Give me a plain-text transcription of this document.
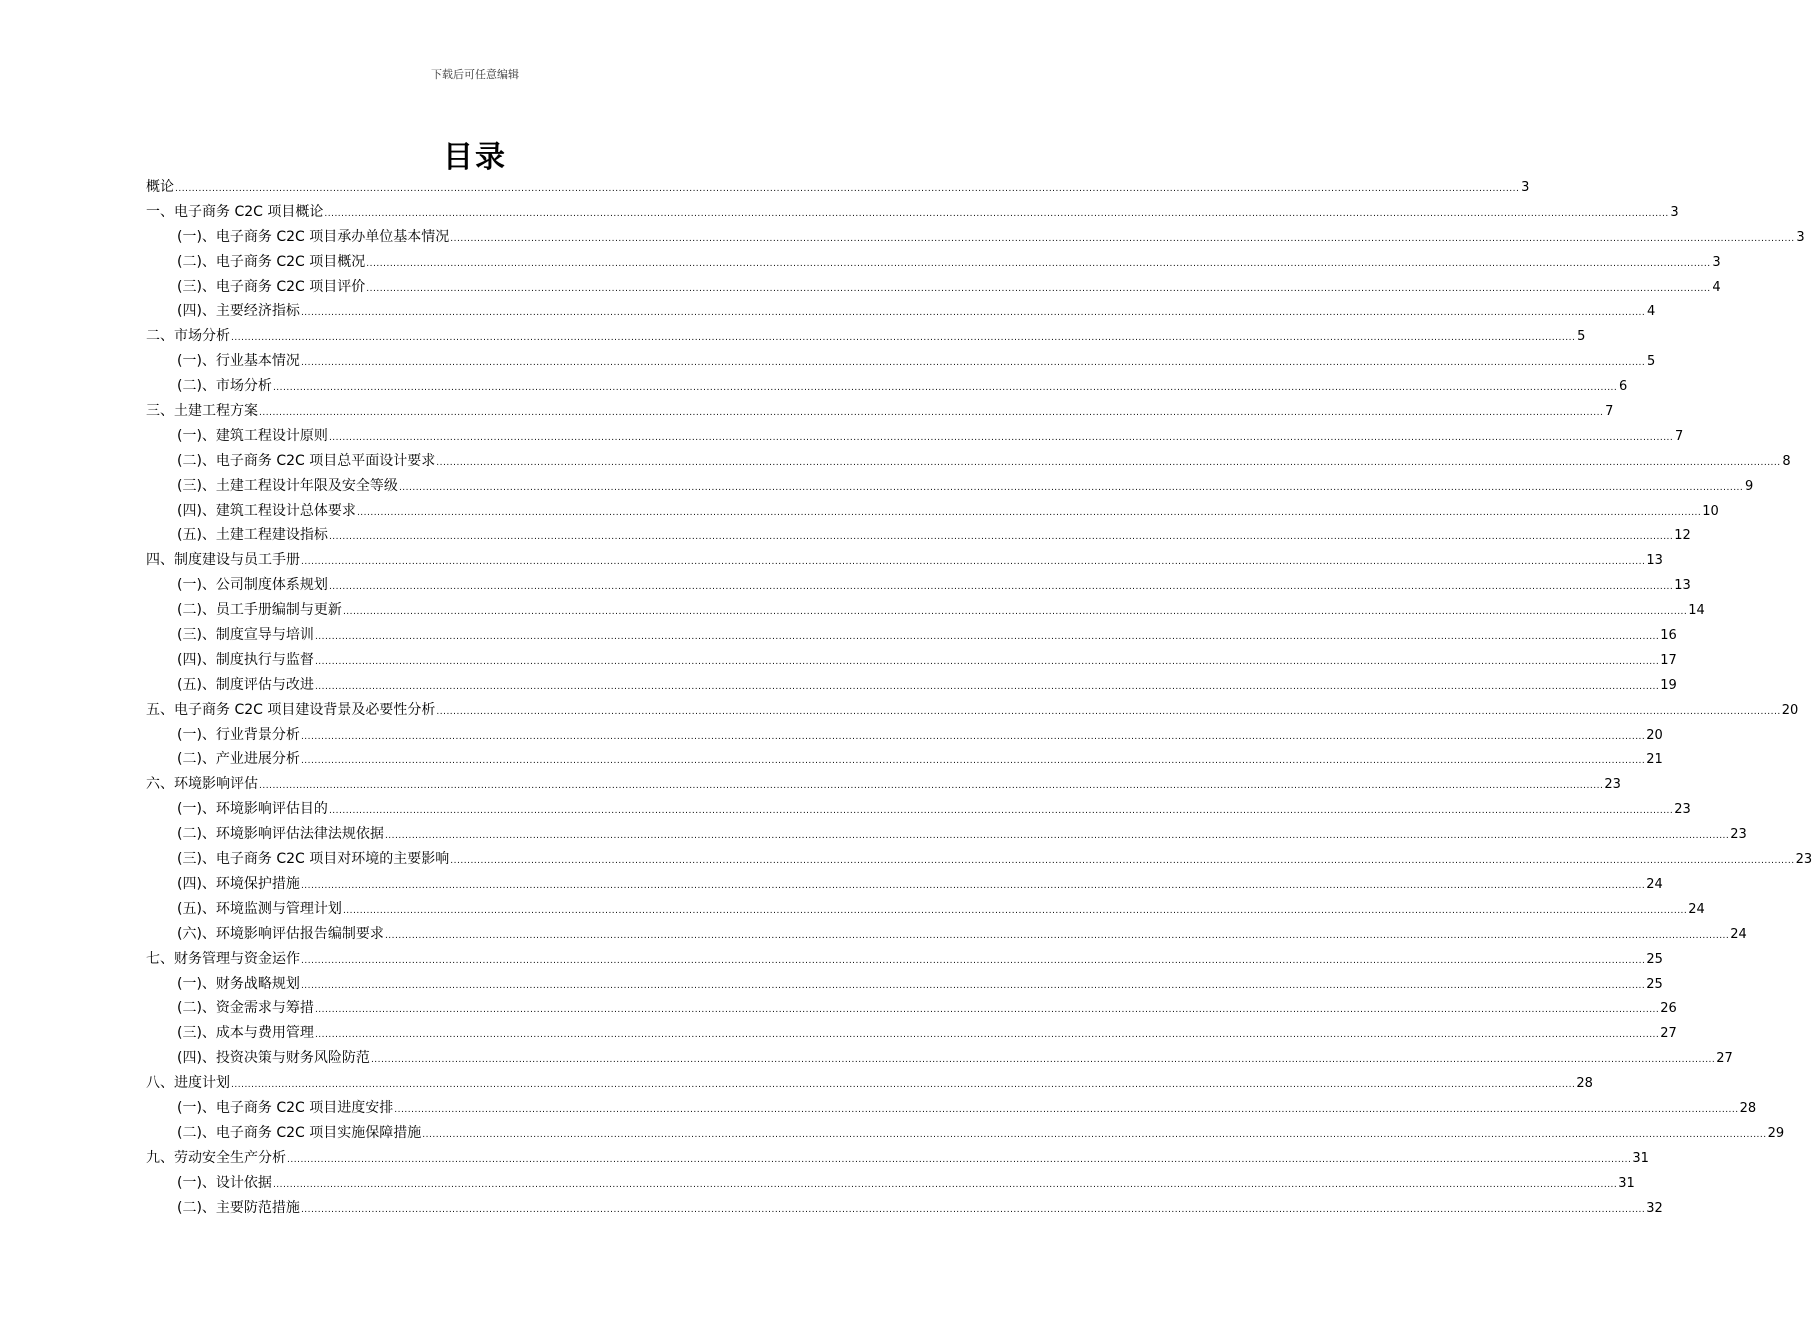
下载后可任意编辑
目录
概论 ................................................................................................................................................................................................................................................................................................................................................................................................................ 3
一、电子商务 C2C 项目概论 ................................................................................................................................................................................................................................................................................................................................................................................................................ 3
(一)、电子商务 C2C 项目承办单位基本情况 ................................................................................................................................................................................................................................................................................................................................................................................................................ 3
(二)、电子商务 C2C 项目概况 ................................................................................................................................................................................................................................................................................................................................................................................................................ 3
(三)、电子商务 C2C 项目评价 ................................................................................................................................................................................................................................................................................................................................................................................................................ 4
(四)、主要经济指标 ................................................................................................................................................................................................................................................................................................................................................................................................................ 4
二、市场分析 ................................................................................................................................................................................................................................................................................................................................................................................................................ 5
(一)、行业基本情况 ................................................................................................................................................................................................................................................................................................................................................................................................................ 5
(二)、市场分析 ................................................................................................................................................................................................................................................................................................................................................................................................................ 6
三、土建工程方案 ................................................................................................................................................................................................................................................................................................................................................................................................................ 7
(一)、建筑工程设计原则 ................................................................................................................................................................................................................................................................................................................................................................................................................ 7
(二)、电子商务 C2C 项目总平面设计要求 ................................................................................................................................................................................................................................................................................................................................................................................................................ 8
(三)、土建工程设计年限及安全等级 ................................................................................................................................................................................................................................................................................................................................................................................................................ 9
(四)、建筑工程设计总体要求 ................................................................................................................................................................................................................................................................................................................................................................................................................ 10
(五)、土建工程建设指标 ................................................................................................................................................................................................................................................................................................................................................................................................................ 12
四、制度建设与员工手册 ................................................................................................................................................................................................................................................................................................................................................................................................................ 13
(一)、公司制度体系规划 ................................................................................................................................................................................................................................................................................................................................................................................................................ 13
(二)、员工手册编制与更新 ................................................................................................................................................................................................................................................................................................................................................................................................................ 14
(三)、制度宣导与培训 ................................................................................................................................................................................................................................................................................................................................................................................................................ 16
(四)、制度执行与监督 ................................................................................................................................................................................................................................................................................................................................................................................................................ 17
(五)、制度评估与改进 ................................................................................................................................................................................................................................................................................................................................................................................................................ 19
五、电子商务 C2C 项目建设背景及必要性分析 ................................................................................................................................................................................................................................................................................................................................................................................................................ 20
(一)、行业背景分析 ................................................................................................................................................................................................................................................................................................................................................................................................................ 20
(二)、产业进展分析 ................................................................................................................................................................................................................................................................................................................................................................................................................ 21
六、环境影响评估 ................................................................................................................................................................................................................................................................................................................................................................................................................ 23
(一)、环境影响评估目的 ................................................................................................................................................................................................................................................................................................................................................................................................................ 23
(二)、环境影响评估法律法规依据 ................................................................................................................................................................................................................................................................................................................................................................................................................ 23
(三)、电子商务 C2C 项目对环境的主要影响 ................................................................................................................................................................................................................................................................................................................................................................................................................ 23
(四)、环境保护措施 ................................................................................................................................................................................................................................................................................................................................................................................................................ 24
(五)、环境监测与管理计划 ................................................................................................................................................................................................................................................................................................................................................................................................................ 24
(六)、环境影响评估报告编制要求 ................................................................................................................................................................................................................................................................................................................................................................................................................ 24
七、财务管理与资金运作 ................................................................................................................................................................................................................................................................................................................................................................................................................ 25
(一)、财务战略规划 ................................................................................................................................................................................................................................................................................................................................................................................................................ 25
(二)、资金需求与筹措 ................................................................................................................................................................................................................................................................................................................................................................................................................ 26
(三)、成本与费用管理 ................................................................................................................................................................................................................................................................................................................................................................................................................ 27
(四)、投资决策与财务风险防范 ................................................................................................................................................................................................................................................................................................................................................................................................................ 27
八、进度计划 ................................................................................................................................................................................................................................................................................................................................................................................................................ 28
(一)、电子商务 C2C 项目进度安排 ................................................................................................................................................................................................................................................................................................................................................................................................................ 28
(二)、电子商务 C2C 项目实施保障措施 ................................................................................................................................................................................................................................................................................................................................................................................................................ 29
九、劳动安全生产分析 ................................................................................................................................................................................................................................................................................................................................................................................................................ 31
(一)、设计依据 ................................................................................................................................................................................................................................................................................................................................................................................................................ 31
(二)、主要防范措施 ................................................................................................................................................................................................................................................................................................................................................................................................................ 32
